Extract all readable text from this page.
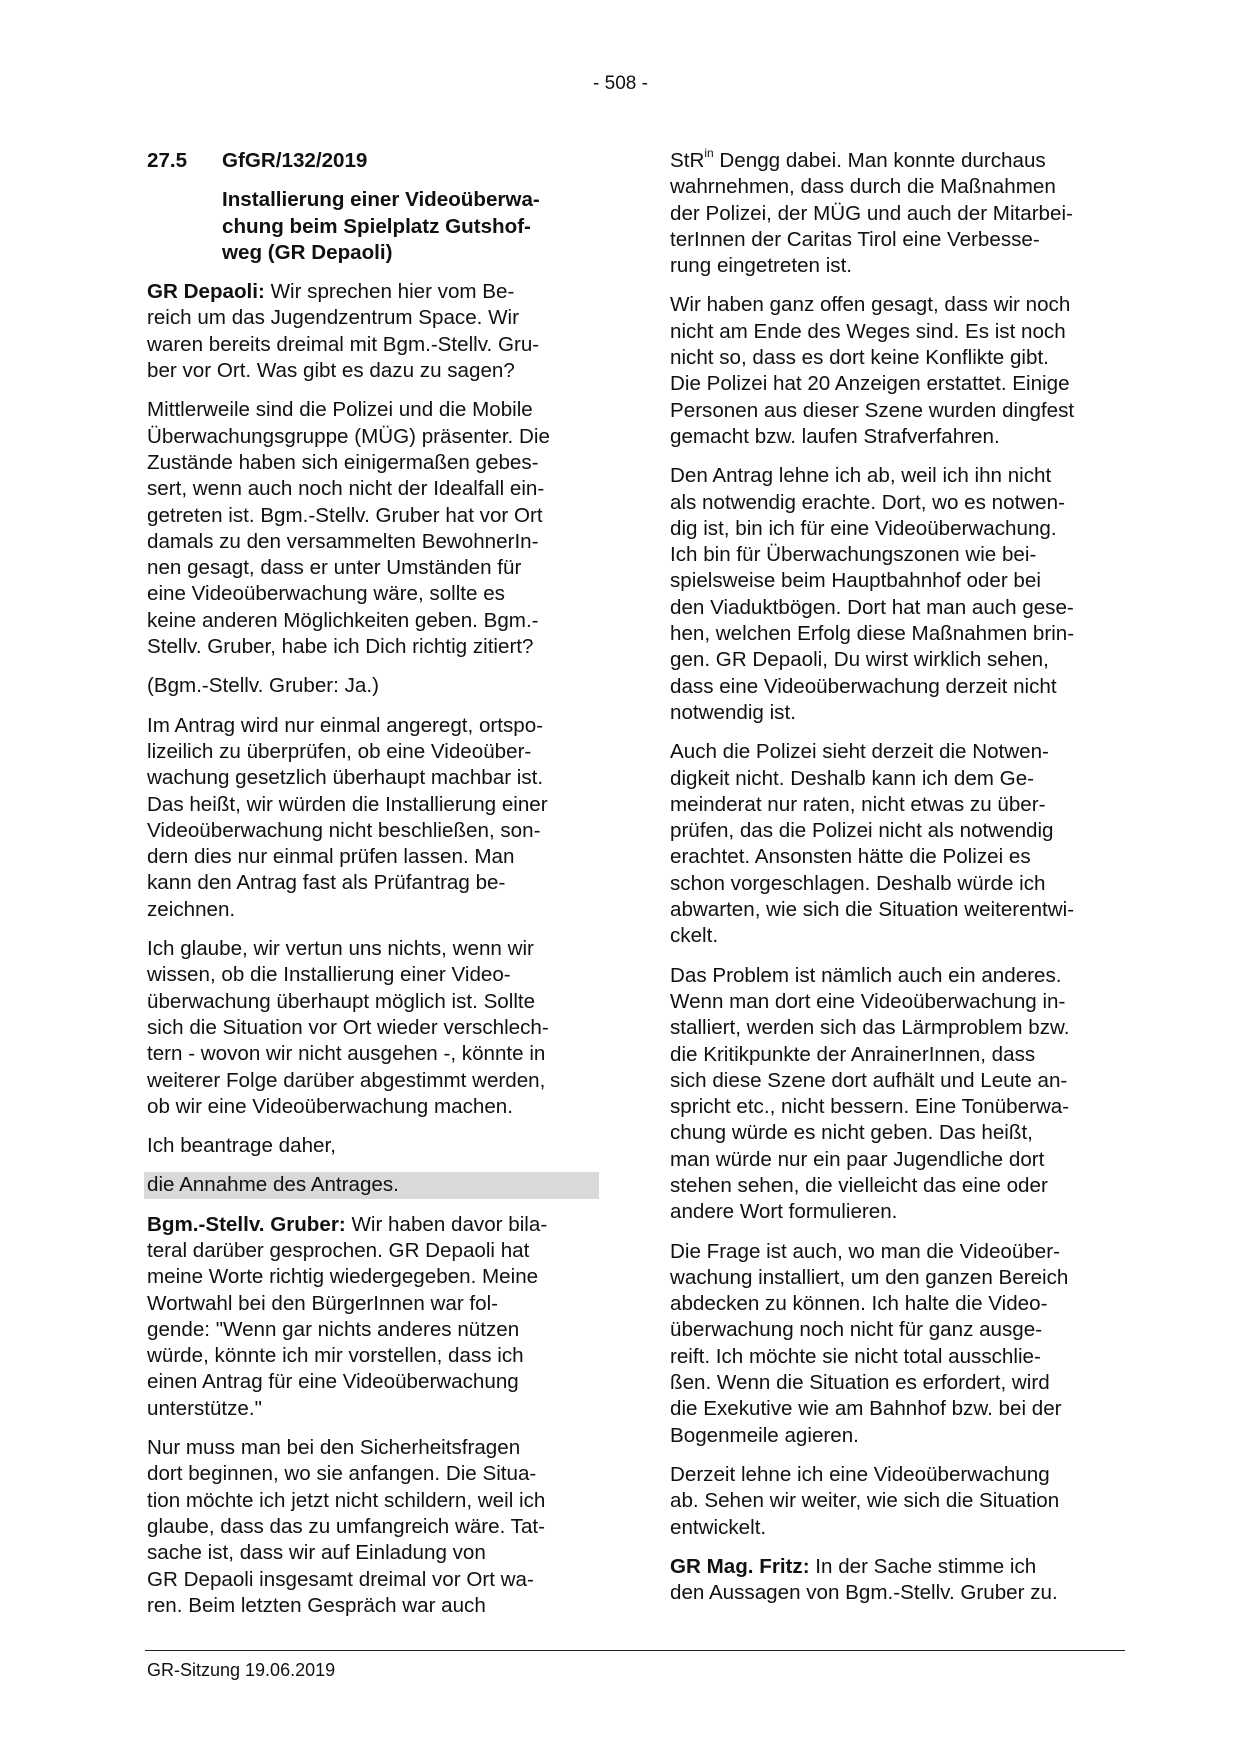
- 508 -
27.5	GfGR/132/2019
Installierung einer Videoüberwa-
chung beim Spielplatz Gutshof-
weg (GR Depaoli)

GR Depaoli: Wir sprechen hier vom Be-
reich um das Jugendzentrum Space. Wir
waren bereits dreimal mit Bgm.-Stellv. Gru-
ber vor Ort. Was gibt es dazu zu sagen?

Mittlerweile sind die Polizei und die Mobile
Überwachungsgruppe (MÜG) präsenter. Die
Zustände haben sich einigermaßen gebes-
sert, wenn auch noch nicht der Idealfall ein-
getreten ist. Bgm.-Stellv. Gruber hat vor Ort
damals zu den versammelten BewohnerIn-
nen gesagt, dass er unter Umständen für
eine Videoüberwachung wäre, sollte es
keine anderen Möglichkeiten geben. Bgm.-
Stellv. Gruber, habe ich Dich richtig zitiert?

(Bgm.-Stellv. Gruber: Ja.)

Im Antrag wird nur einmal angeregt, ortspo-
lizeilich zu überprüfen, ob eine Videoüber-
wachung gesetzlich überhaupt machbar ist.
Das heißt, wir würden die Installierung einer
Videoüberwachung nicht beschließen, son-
dern dies nur einmal prüfen lassen. Man
kann den Antrag fast als Prüfantrag be-
zeichnen.

Ich glaube, wir vertun uns nichts, wenn wir
wissen, ob die Installierung einer Video-
überwachung überhaupt möglich ist. Sollte
sich die Situation vor Ort wieder verschlech-
tern - wovon wir nicht ausgehen -, könnte in
weiterer Folge darüber abgestimmt werden,
ob wir eine Videoüberwachung machen.

Ich beantrage daher,

die Annahme des Antrages.

Bgm.-Stellv. Gruber: Wir haben davor bila-
teral darüber gesprochen. GR Depaoli hat
meine Worte richtig wiedergegeben. Meine
Wortwahl bei den BürgerInnen war fol-
gende: "Wenn gar nichts anderes nützen
würde, könnte ich mir vorstellen, dass ich
einen Antrag für eine Videoüberwachung
unterstütze."

Nur muss man bei den Sicherheitsfragen
dort beginnen, wo sie anfangen. Die Situa-
tion möchte ich jetzt nicht schildern, weil ich
glaube, dass das zu umfangreich wäre. Tat-
sache ist, dass wir auf Einladung von
GR Depaoli insgesamt dreimal vor Ort wa-
ren. Beim letzten Gespräch war auch

StR$^{in}$ Dengg dabei. Man konnte durchaus
wahrnehmen, dass durch die Maßnahmen
der Polizei, der MÜG und auch der Mitarbei-
terInnen der Caritas Tirol eine Verbesse-
rung eingetreten ist.

Wir haben ganz offen gesagt, dass wir noch
nicht am Ende des Weges sind. Es ist noch
nicht so, dass es dort keine Konflikte gibt.
Die Polizei hat 20 Anzeigen erstattet. Einige
Personen aus dieser Szene wurden dingfest
gemacht bzw. laufen Strafverfahren.

Den Antrag lehne ich ab, weil ich ihn nicht
als notwendig erachte. Dort, wo es notwen-
dig ist, bin ich für eine Videoüberwachung.
Ich bin für Überwachungszonen wie bei-
spielsweise beim Hauptbahnhof oder bei
den Viaduktbögen. Dort hat man auch gese-
hen, welchen Erfolg diese Maßnahmen brin-
gen. GR Depaoli, Du wirst wirklich sehen,
dass eine Videoüberwachung derzeit nicht
notwendig ist.

Auch die Polizei sieht derzeit die Notwen-
digkeit nicht. Deshalb kann ich dem Ge-
meinderat nur raten, nicht etwas zu über-
prüfen, das die Polizei nicht als notwendig
erachtet. Ansonsten hätte die Polizei es
schon vorgeschlagen. Deshalb würde ich
abwarten, wie sich die Situation weiterentwi-
ckelt.

Das Problem ist nämlich auch ein anderes.
Wenn man dort eine Videoüberwachung in-
stalliert, werden sich das Lärmproblem bzw.
die Kritikpunkte der AnrainerInnen, dass
sich diese Szene dort aufhält und Leute an-
spricht etc., nicht bessern. Eine Tonüberwa-
chung würde es nicht geben. Das heißt,
man würde nur ein paar Jugendliche dort
stehen sehen, die vielleicht das eine oder
andere Wort formulieren.

Die Frage ist auch, wo man die Videoüber-
wachung installiert, um den ganzen Bereich
abdecken zu können. Ich halte die Video-
überwachung noch nicht für ganz ausge-
reift. Ich möchte sie nicht total ausschlie-
ßen. Wenn die Situation es erfordert, wird
die Exekutive wie am Bahnhof bzw. bei der
Bogenmeile agieren.

Derzeit lehne ich eine Videoüberwachung
ab. Sehen wir weiter, wie sich die Situation
entwickelt.

GR Mag. Fritz: In der Sache stimme ich
den Aussagen von Bgm.-Stellv. Gruber zu.

GR-Sitzung 19.06.2019
